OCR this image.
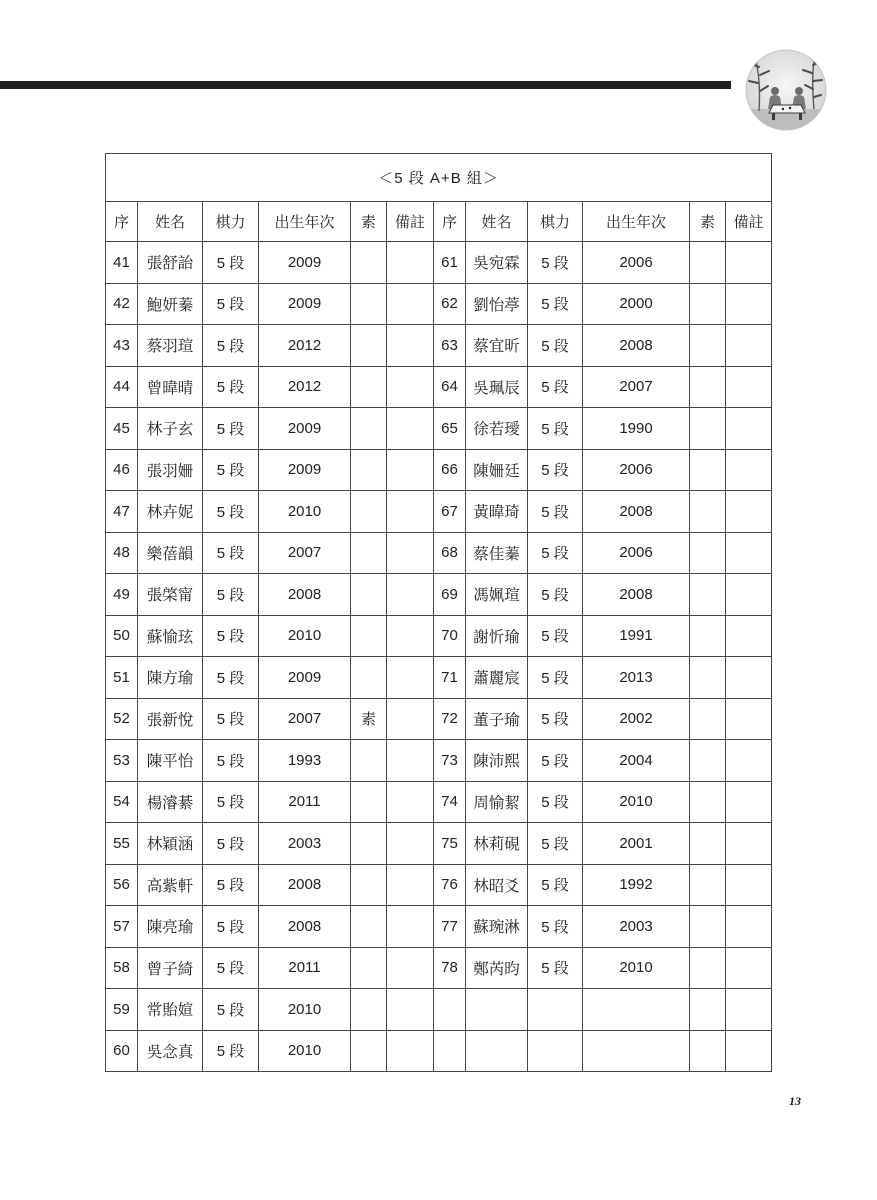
＜5 段 A+B 組＞											
序	姓名	棋力	出生年次	素	備註	序	姓名	棋力	出生年次	素	備註
41	張舒詒	5 段	2009			61	吳宛霖	5 段	2006		
42	鮑妍蓁	5 段	2009			62	劉怡葶	5 段	2000		
43	蔡羽瑄	5 段	2012			63	蔡宜昕	5 段	2008		
44	曾暐晴	5 段	2012			64	吳珮辰	5 段	2007		
45	林子玄	5 段	2009			65	徐若璦	5 段	1990		
46	張羽姍	5 段	2009			66	陳姍廷	5 段	2006		
47	林卉妮	5 段	2010			67	黃暐琦	5 段	2008		
48	樂蓓韻	5 段	2007			68	蔡佳蓁	5 段	2006		
49	張棨甯	5 段	2008			69	馮姵瑄	5 段	2008		
50	蘇愉玹	5 段	2010			70	謝忻瑜	5 段	1991		
51	陳方瑜	5 段	2009			71	蕭麗宸	5 段	2013		
52	張新悅	5 段	2007	素		72	董子瑜	5 段	2002		
53	陳平怡	5 段	1993			73	陳沛熙	5 段	2004		
54	楊濬綦	5 段	2011			74	周愉絜	5 段	2010		
55	林穎涵	5 段	2003			75	林莉硯	5 段	2001		
56	高紫軒	5 段	2008			76	林昭爻	5 段	1992		
57	陳亮瑜	5 段	2008			77	蘇琬淋	5 段	2003		
58	曾子綺	5 段	2011			78	鄭芮昀	5 段	2010		
59	常貽媗	5 段	2010								
60	吳念真	5 段	2010								
13
